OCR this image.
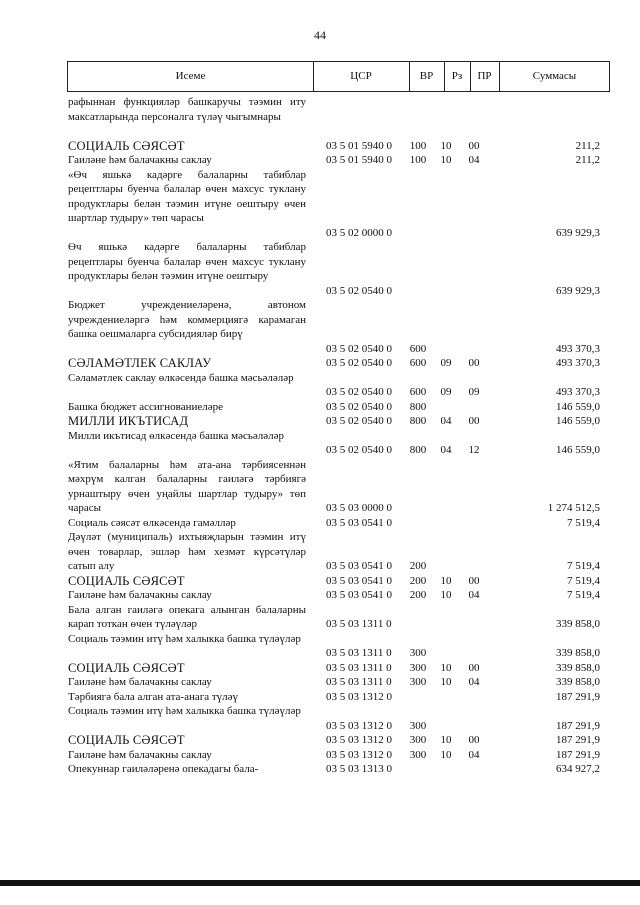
44
Исеме	ЦСР	ВР	Рз	ПР	Суммасы
рафыннан функцияләр башкаручы тәэмин иту максатларында персоналга түләү чыгымнары
СОЦИАЛЬ СӘЯСӘТ	03 5 01 5940 0	100	10	00	211,2
Гаиләне һәм балачакны саклау	03 5 01 5940 0	100	10	04	211,2
«Өч яшькә кадәрге балаларны табиблар рецептлары буенча балалар өчен махсус туклану продуктлары белән тәэмин итүне оештыру өчен шартлар тудыру» төп чарасы
03 5 02 0000 0	639 929,3
Өч яшькә кадәрге балаларны табиблар рецептлары буенча балалар өчен махсус туклану продуктлары белән тәэмин итүне оештыру
03 5 02 0540 0	639 929,3
Бюджет учреждениеләренә, автоном учреждениеләргә һәм коммерциягә карамаган башка оешмаларга субсидияләр бирү
03 5 02 0540 0	600	493 370,3
СӘЛАМӘТЛЕК САКЛАУ	03 5 02 0540 0	600	09	00	493 370,3
Сәламәтлек саклау өлкәсендә башка мәсьәләләр
03 5 02 0540 0	600	09	09	493 370,3
Башка бюджет ассигнованиеләре	03 5 02 0540 0	800	146 559,0
МИЛЛИ ИКЪТИСАД	03 5 02 0540 0	800	04	00	146 559,0
Милли икътисад өлкәсендә башка мәсьәләләр
03 5 02 0540 0	800	04	12	146 559,0
«Ятим балаларны һәм ата-ана тәрбиясеннән мәхрүм калган балаларны гаиләгә тәрбиягә урнаштыру өчен уңайлы шартлар тудыру» төп чарасы	03 5 03 0000 0	1 274 512,5
Социаль сәясәт өлкәсендә гамәлләр	03 5 03 0541 0	7 519,4
Дәүләт (муниципаль) ихтыяҗларын тәэмин итү өчен товарлар, эшләр һәм хезмәт күрсәтүләр сатып алу	03 5 03 0541 0	200	7 519,4
СОЦИАЛЬ СӘЯСӘТ	03 5 03 0541 0	200	10	00	7 519,4
Гаиләне һәм балачакны саклау	03 5 03 0541 0	200	10	04	7 519,4
Бала алган гаиләгә опекага алынган балаларны карап тоткан өчен түләүләр	03 5 03 1311 0	339 858,0
Социаль тәэмин итү һәм халыкка башка түләүләр
03 5 03 1311 0	300	339 858,0
СОЦИАЛЬ СӘЯСӘТ	03 5 03 1311 0	300	10	00	339 858,0
Гаиләне һәм балачакны саклау	03 5 03 1311 0	300	10	04	339 858,0
Тәрбиягә бала алган ата-анага түләү	03 5 03 1312 0	187 291,9
Социаль тәэмин итү һәм халыкка башка түләүләр
03 5 03 1312 0	300	187 291,9
СОЦИАЛЬ СӘЯСӘТ	03 5 03 1312 0	300	10	00	187 291,9
Гаиләне һәм балачакны саклау	03 5 03 1312 0	300	10	04	187 291,9
Опекуннар гаиләләренә опекадагы бала-	03 5 03 1313 0	634 927,2
